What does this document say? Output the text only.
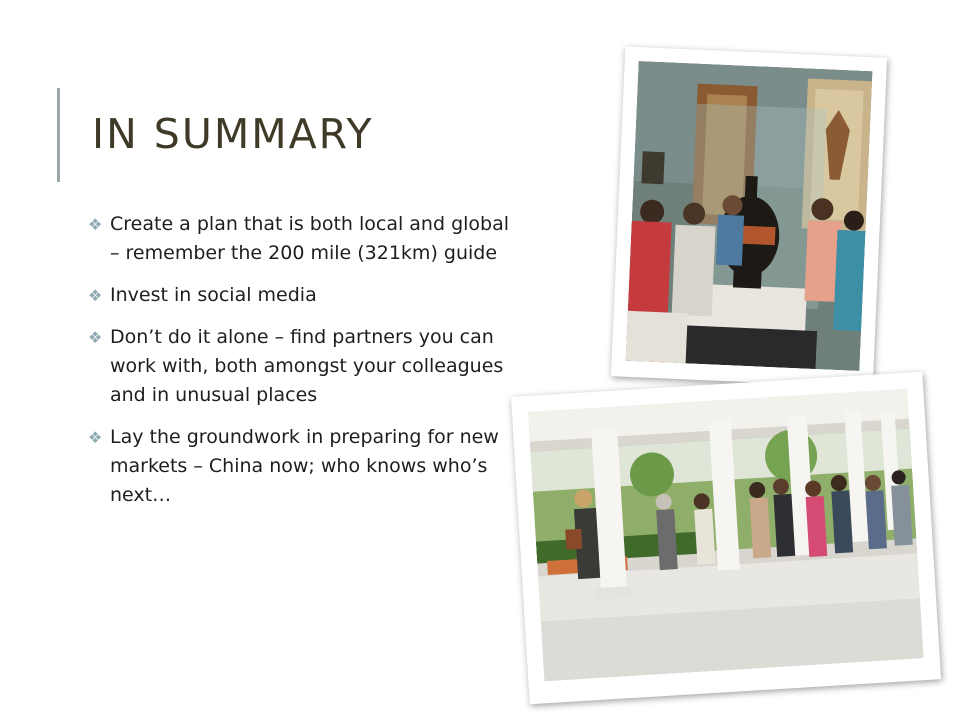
IN SUMMARY
❖ Create a plan that is both local and global – remember the 200 mile (321km) guide
❖ Invest in social media
❖ Don’t do it alone – find partners you can work with, both amongst your colleagues and in unusual places
❖ Lay the groundwork in preparing for new markets – China now; who knows who’s next…
